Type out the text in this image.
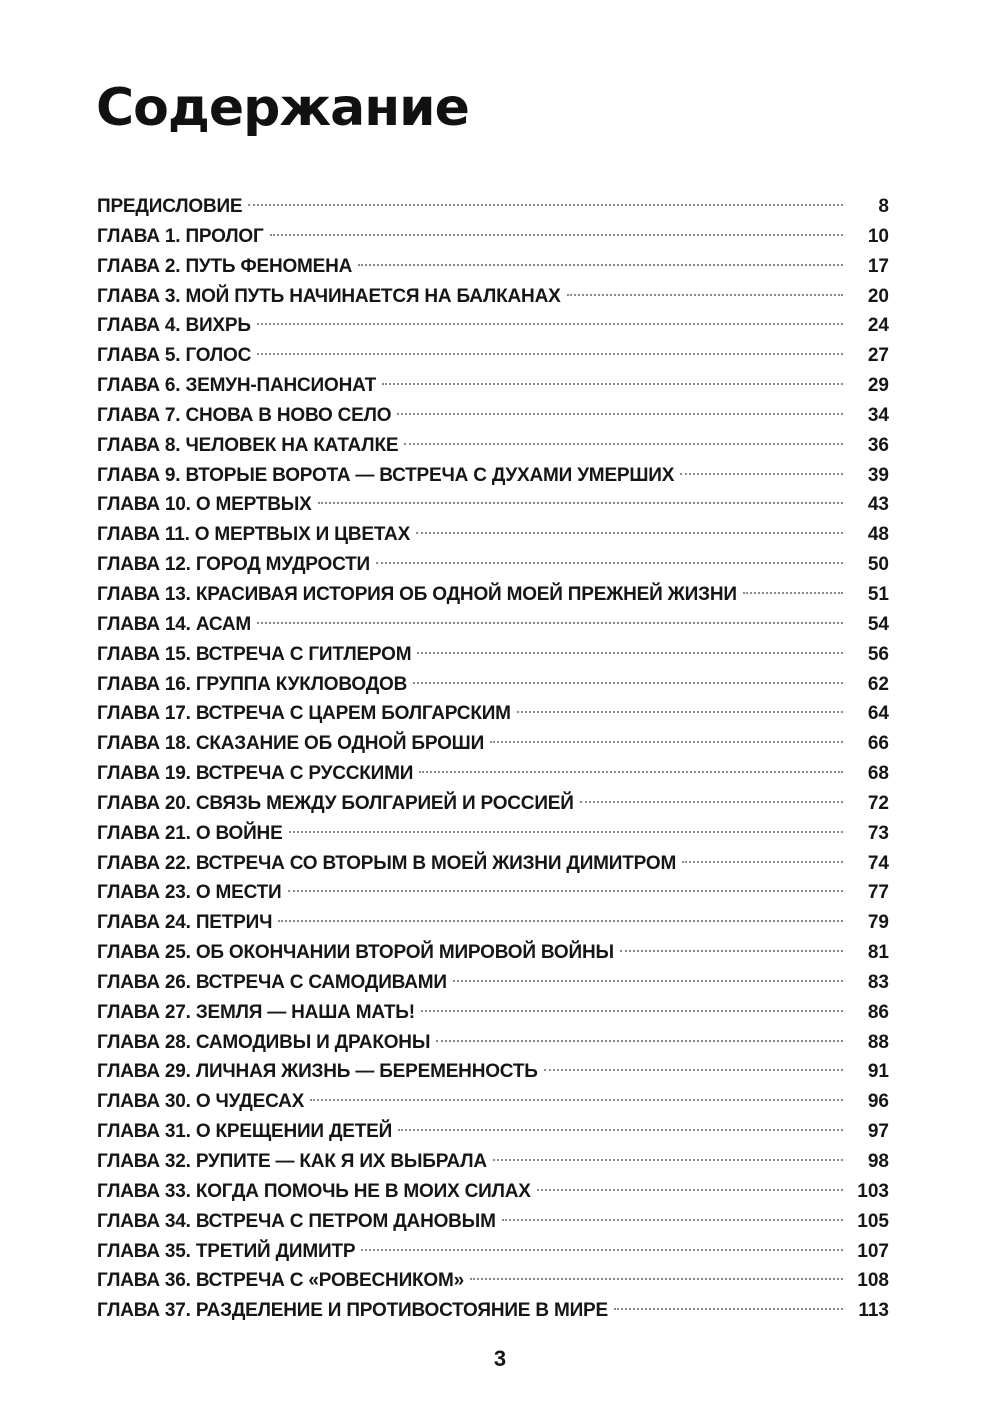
Содержание
ПРЕДИСЛОВИЕ	8
ГЛАВА 1. ПРОЛОГ	10
ГЛАВА 2. ПУТЬ ФЕНОМЕНА	17
ГЛАВА 3. МОЙ ПУТЬ НАЧИНАЕТСЯ НА БАЛКАНАХ	20
ГЛАВА 4. ВИХРЬ	24
ГЛАВА 5. ГОЛОС	27
ГЛАВА 6. ЗЕМУН-ПАНСИОНАТ	29
ГЛАВА 7. СНОВА В НОВО СЕЛО	34
ГЛАВА 8. ЧЕЛОВЕК НА КАТАЛКЕ	36
ГЛАВА 9. ВТОРЫЕ ВОРОТА — ВСТРЕЧА С ДУХАМИ УМЕРШИХ	39
ГЛАВА 10. О МЕРТВЫХ	43
ГЛАВА 11. О МЕРТВЫХ И ЦВЕТАХ	48
ГЛАВА 12. ГОРОД МУДРОСТИ	50
ГЛАВА 13. КРАСИВАЯ ИСТОРИЯ ОБ ОДНОЙ МОЕЙ ПРЕЖНЕЙ ЖИЗНИ	51
ГЛАВА 14. АСАМ	54
ГЛАВА 15. ВСТРЕЧА С ГИТЛЕРОМ	56
ГЛАВА 16. ГРУППА КУКЛОВОДОВ	62
ГЛАВА 17. ВСТРЕЧА С ЦАРЕМ БОЛГАРСКИМ	64
ГЛАВА 18. СКАЗАНИЕ ОБ ОДНОЙ БРОШИ	66
ГЛАВА 19. ВСТРЕЧА С РУССКИМИ	68
ГЛАВА 20. СВЯЗЬ МЕЖДУ БОЛГАРИЕЙ И РОССИЕЙ	72
ГЛАВА 21. О ВОЙНЕ	73
ГЛАВА 22. ВСТРЕЧА СО ВТОРЫМ В МОЕЙ ЖИЗНИ ДИМИТРОМ	74
ГЛАВА 23. О МЕСТИ	77
ГЛАВА 24. ПЕТРИЧ	79
ГЛАВА 25. ОБ ОКОНЧАНИИ ВТОРОЙ МИРОВОЙ ВОЙНЫ	81
ГЛАВА 26. ВСТРЕЧА С САМОДИВАМИ	83
ГЛАВА 27. ЗЕМЛЯ — НАША МАТЬ!	86
ГЛАВА 28. САМОДИВЫ И ДРАКОНЫ	88
ГЛАВА 29. ЛИЧНАЯ ЖИЗНЬ — БЕРЕМЕННОСТЬ	91
ГЛАВА 30. О ЧУДЕСАХ	96
ГЛАВА 31. О КРЕЩЕНИИ ДЕТЕЙ	97
ГЛАВА 32. РУПИТЕ — КАК Я ИХ ВЫБРАЛА	98
ГЛАВА 33. КОГДА ПОМОЧЬ НЕ В МОИХ СИЛАХ	103
ГЛАВА 34. ВСТРЕЧА С ПЕТРОМ ДАНОВЫМ	105
ГЛАВА 35. ТРЕТИЙ ДИМИТР	107
ГЛАВА 36. ВСТРЕЧА С «РОВЕСНИКОМ»	108
ГЛАВА 37. РАЗДЕЛЕНИЕ И ПРОТИВОСТОЯНИЕ В МИРЕ	113
3
